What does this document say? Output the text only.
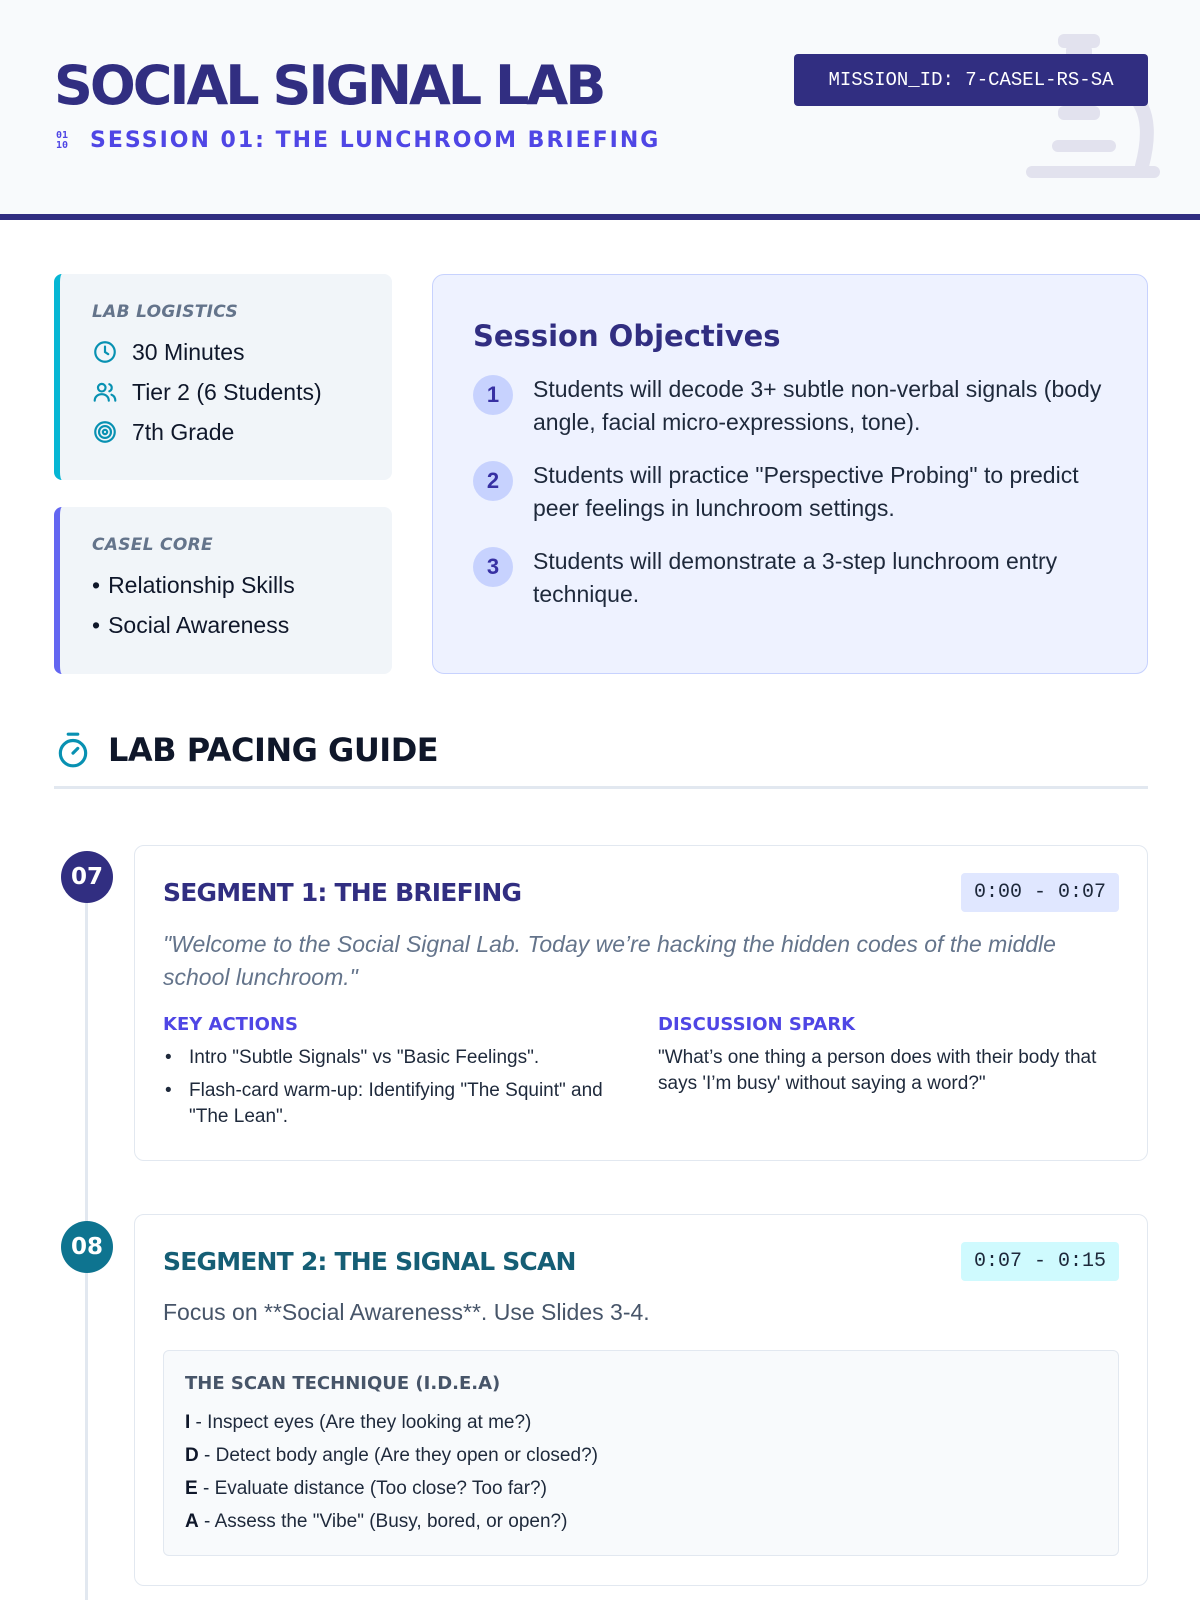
SOCIAL SIGNAL LAB
01
10 SESSION 01: THE LUNCHROOM BRIEFING
MISSION_ID: 7-CASEL-RS-SA
LAB LOGISTICS
30 Minutes
Tier 2 (6 Students)
7th Grade
CASEL CORE
• Relationship Skills
• Social Awareness
Session Objectives
1	Students will decode 3+ subtle non-verbal signals (body angle, facial micro-expressions, tone).
2	Students will practice "Perspective Probing" to predict peer feelings in lunchroom settings.
3	Students will demonstrate a 3-step lunchroom entry technique.
LAB PACING GUIDE
07
SEGMENT 1: THE BRIEFING	0:00 - 0:07
"Welcome to the Social Signal Lab. Today we’re hacking the hidden codes of the middle school lunchroom."
KEY ACTIONS
• Intro "Subtle Signals" vs "Basic Feelings".
• Flash-card warm-up: Identifying "The Squint" and "The Lean".
DISCUSSION SPARK
"What’s one thing a person does with their body that says 'I’m busy' without saying a word?"
08	SEGMENT 2: THE SIGNAL SCAN	0:07 - 0:15
Focus on **Social Awareness**. Use Slides 3-4.
THE SCAN TECHNIQUE (I.D.E.A)
I - Inspect eyes (Are they looking at me?)
D - Detect body angle (Are they open or closed?)
E - Evaluate distance (Too close? Too far?)
A - Assess the "Vibe" (Busy, bored, or open?)
